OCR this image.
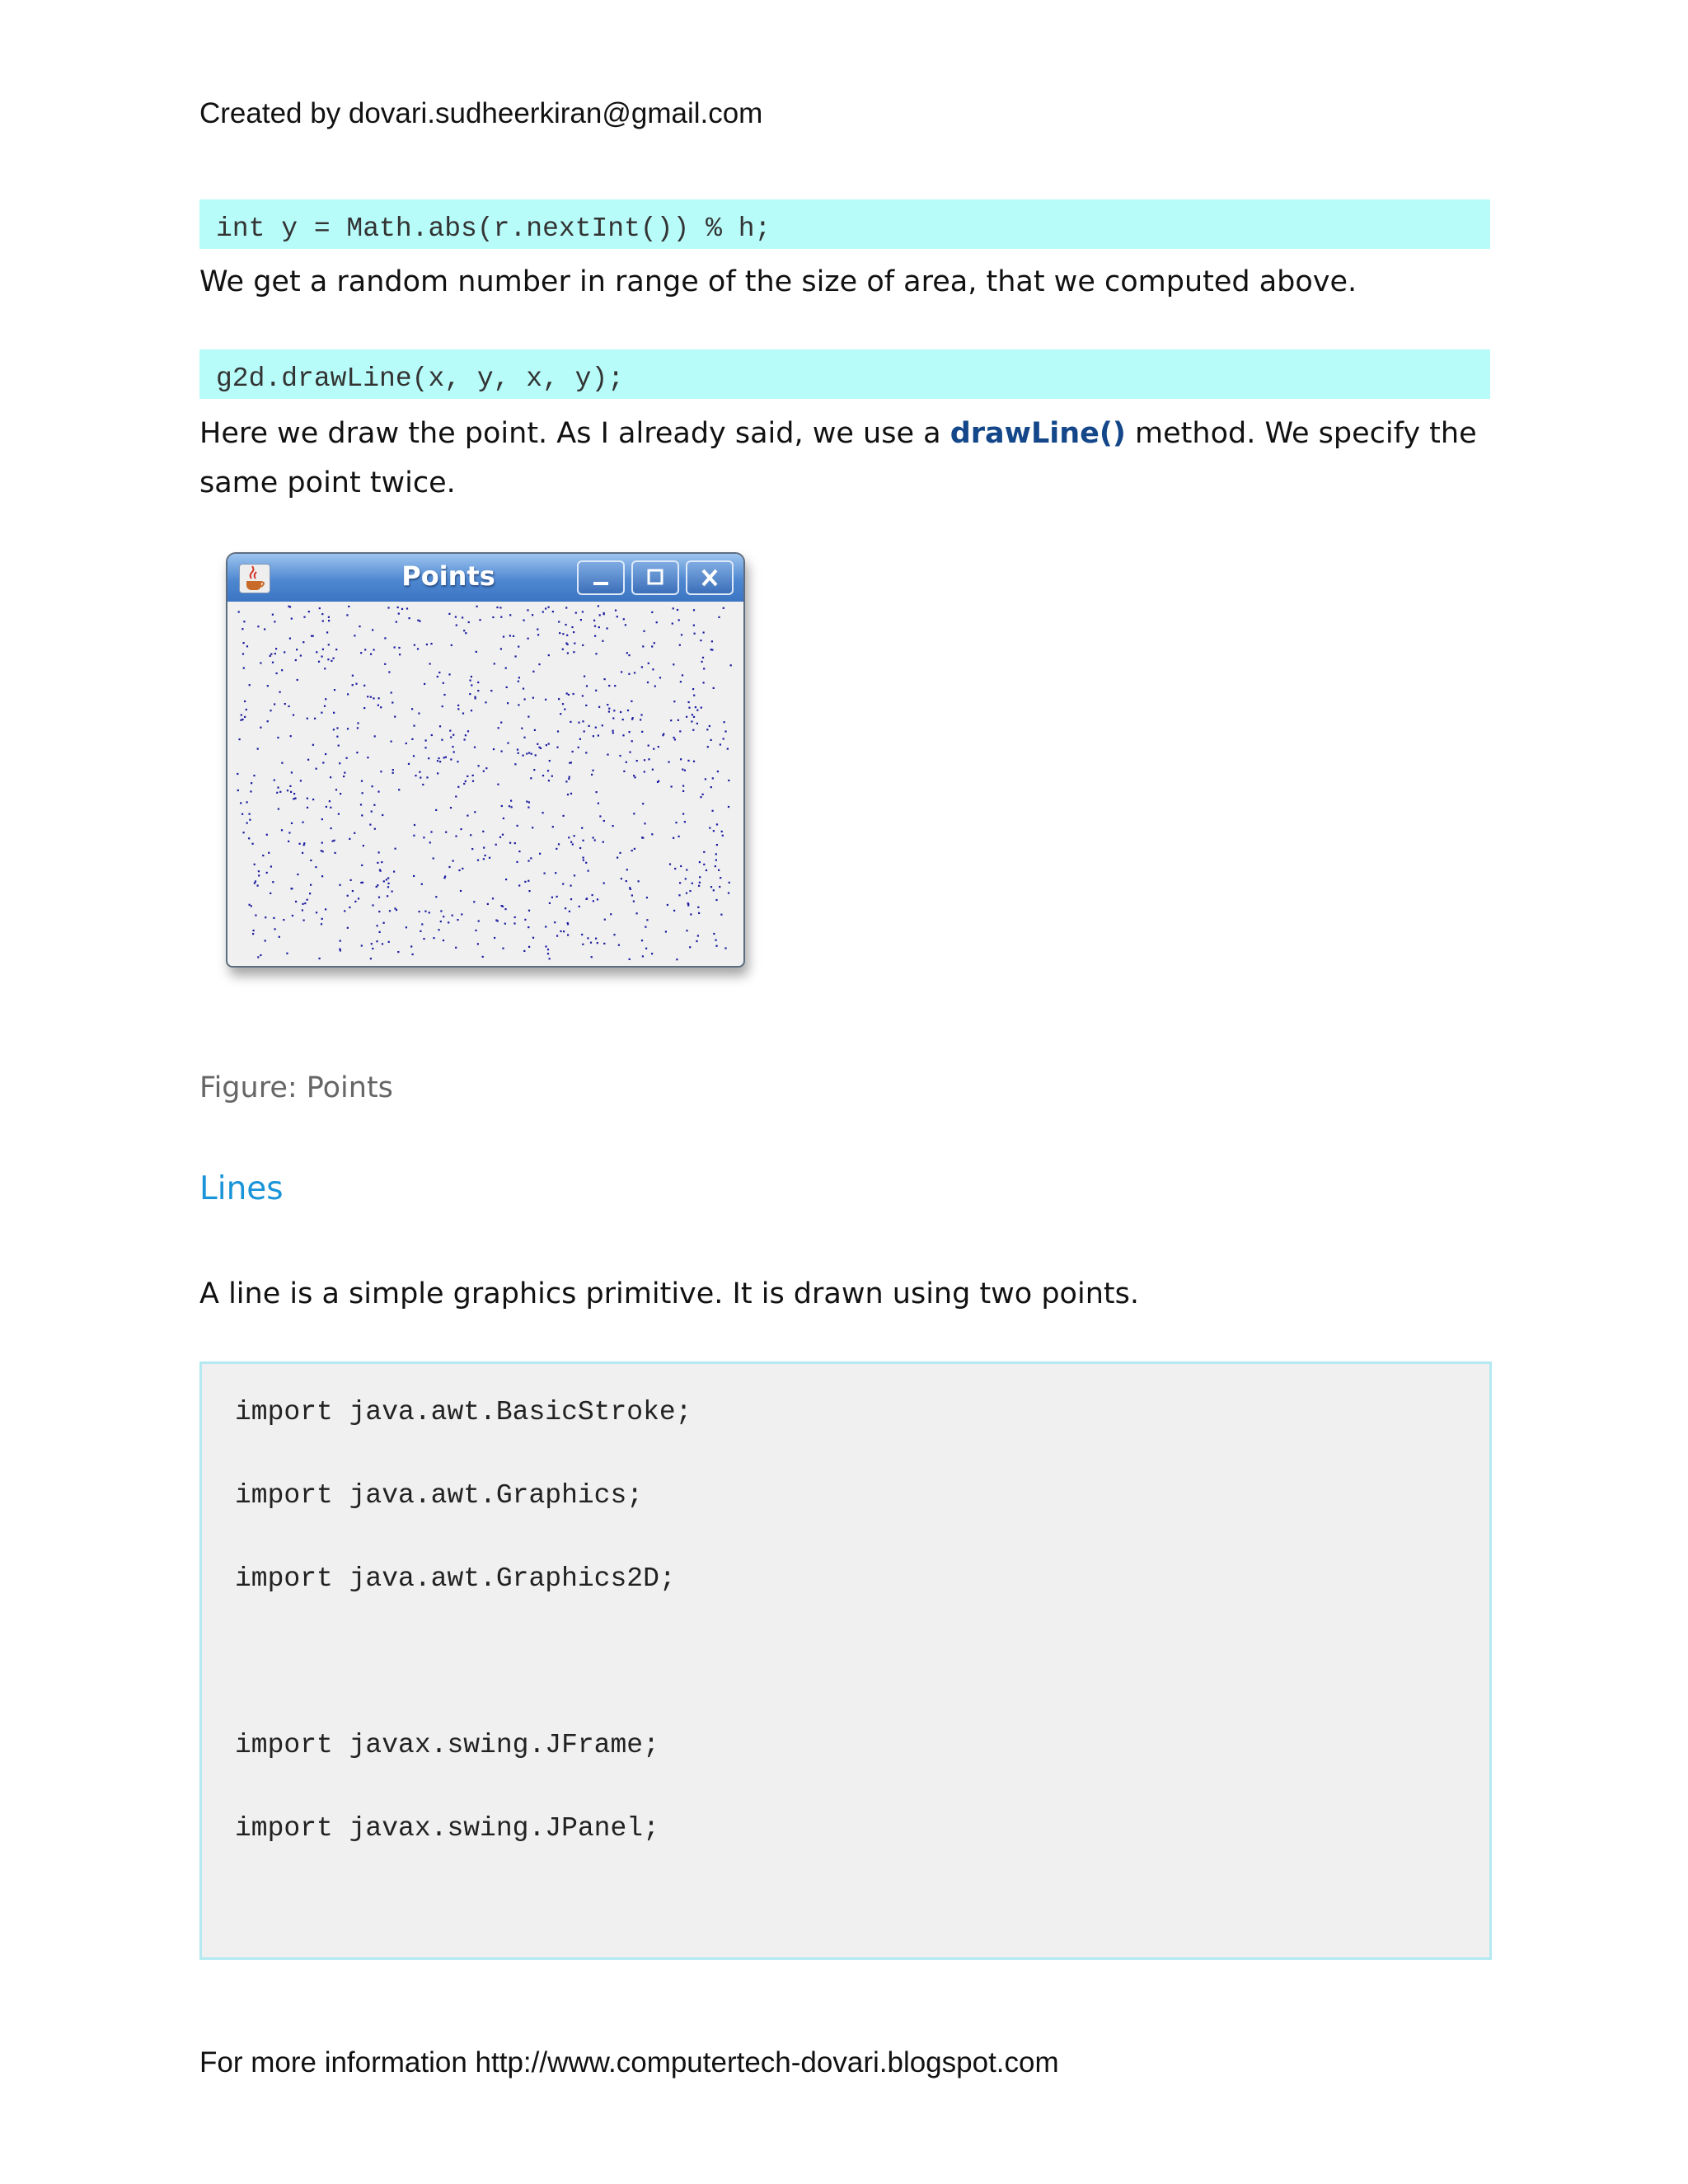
Created by dovari.sudheerkiran@gmail.com
int y = Math.abs(r.nextInt()) % h;
We get a random number in range of the size of area, that we computed above.
g2d.drawLine(x, y, x, y);
Here we draw the point. As I already said, we use a drawLine() method. We specify the same point twice.
Points
Figure: Points
Lines
A line is a simple graphics primitive. It is drawn using two points.
import java.awt.BasicStroke;
import java.awt.Graphics;
import java.awt.Graphics2D;
import javax.swing.JFrame;
import javax.swing.JPanel;
For more information http://www.computertech-dovari.blogspot.com
